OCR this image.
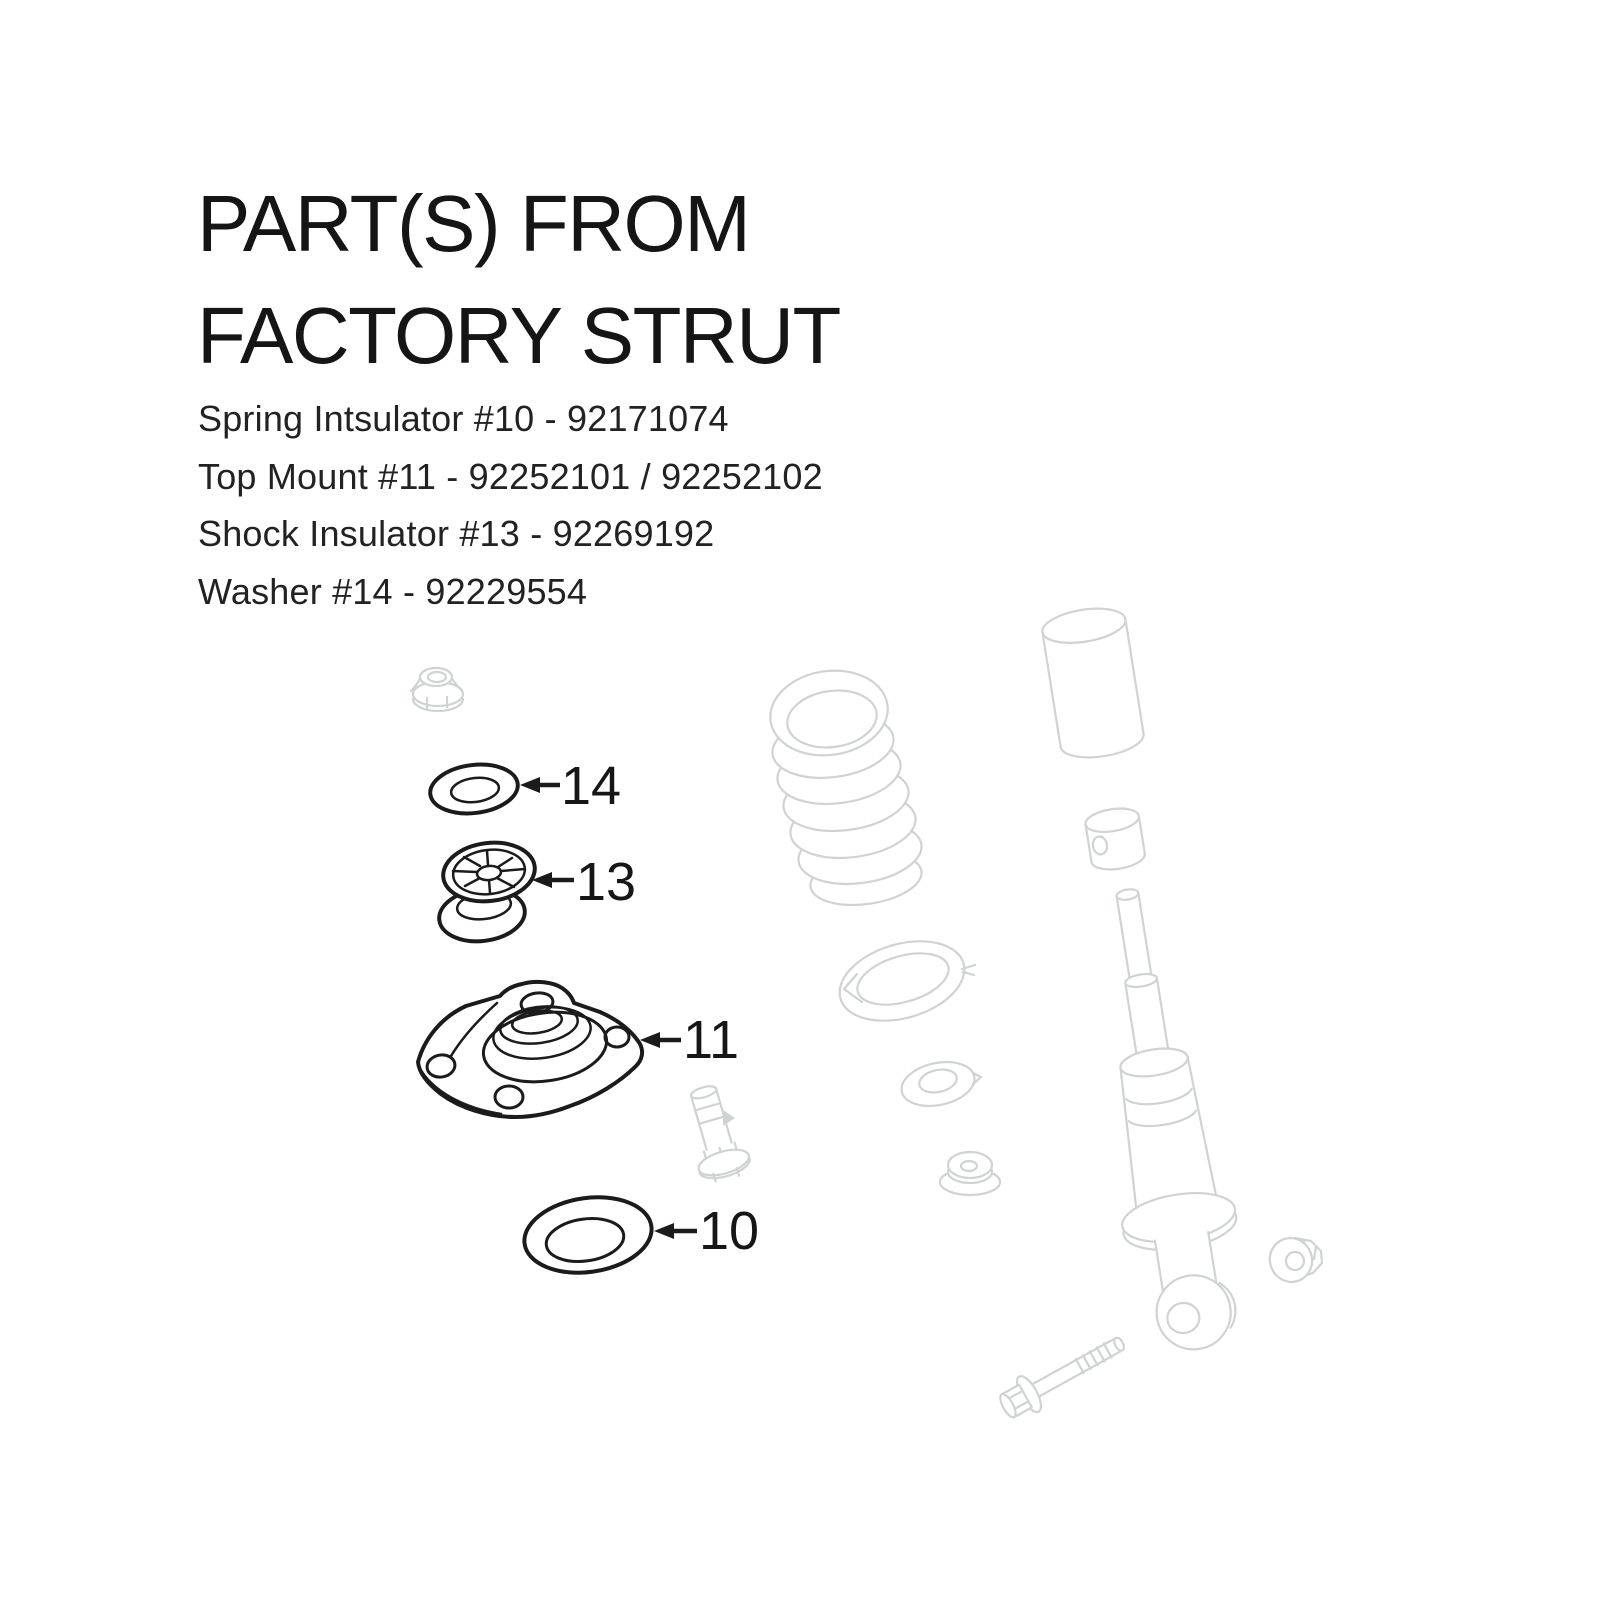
PART(S) FROM
FACTORY STRUT
Spring Intsulator #10 - 92171074
Top Mount #11 - 92252101 / 92252102
Shock Insulator #13 - 92269192
Washer #14 - 92229554
14
13
11
10
